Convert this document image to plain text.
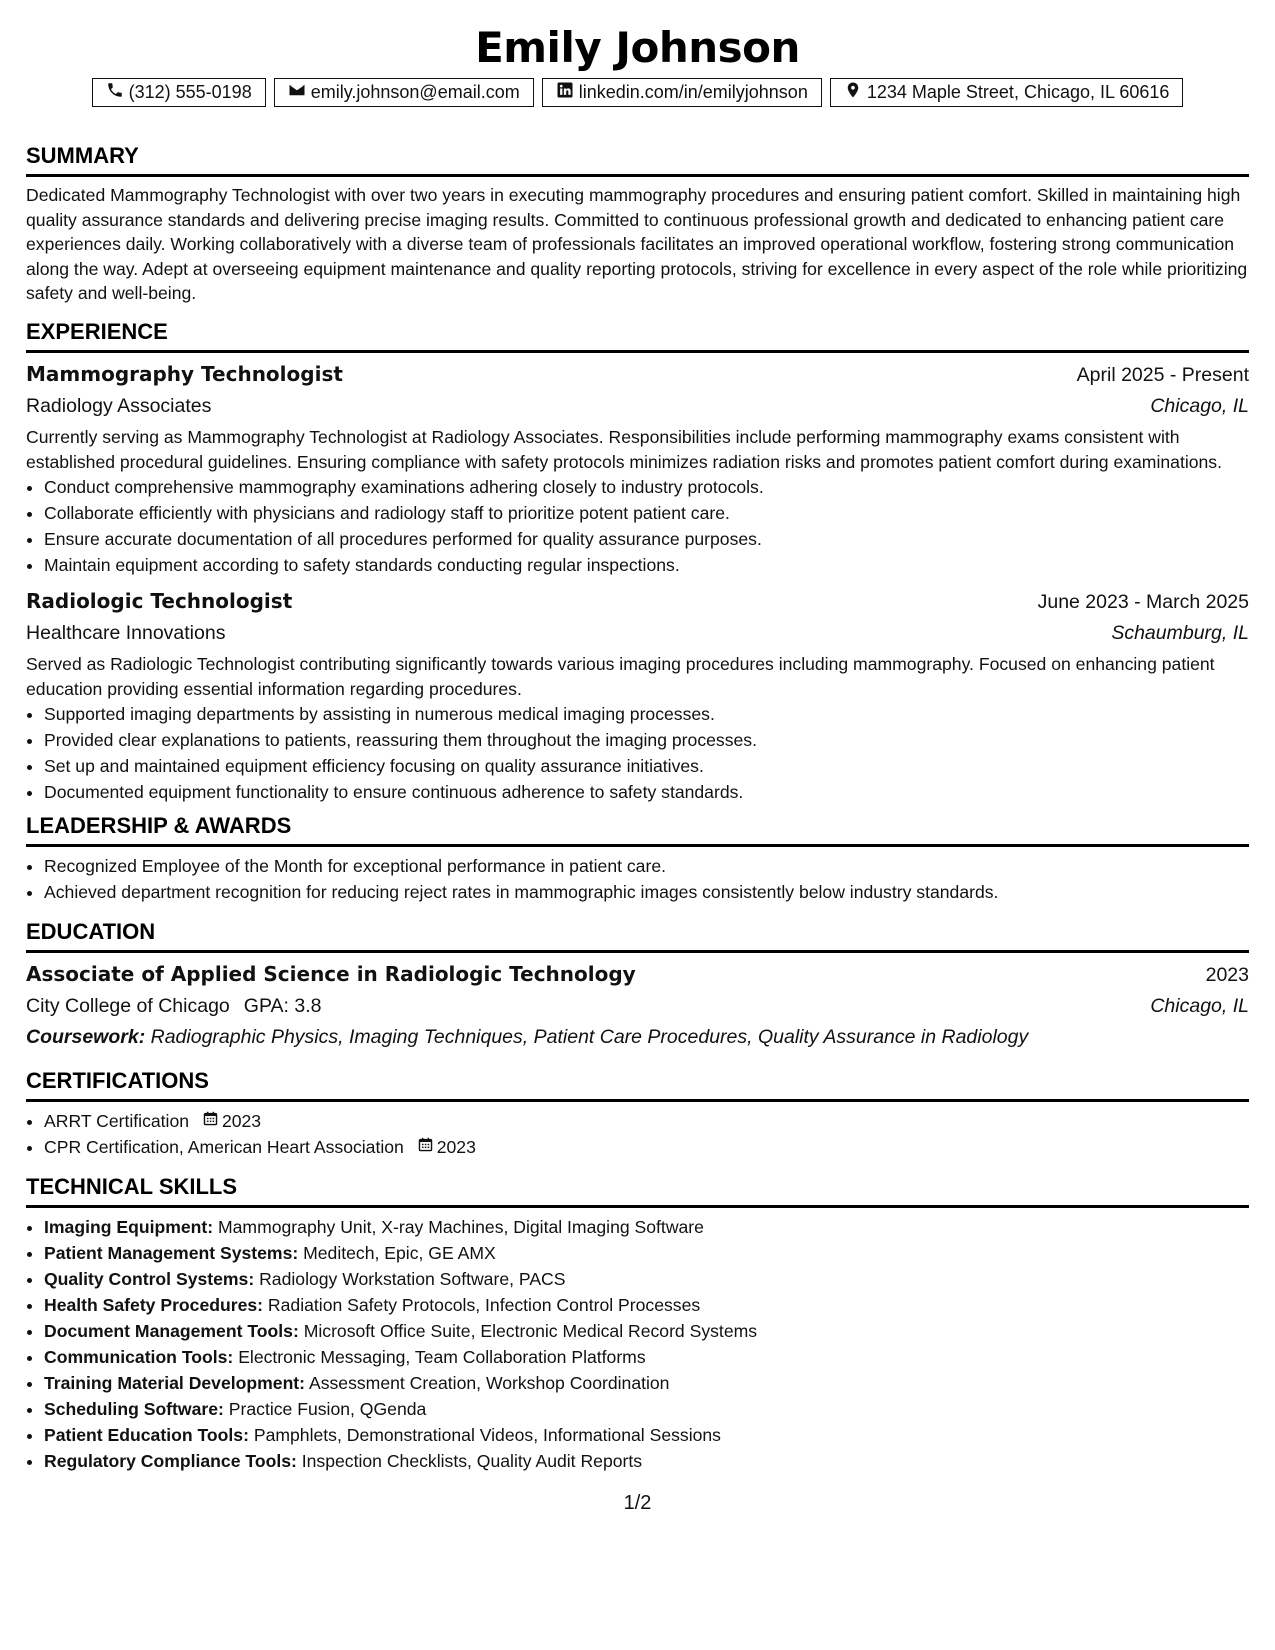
Emily Johnson
(312) 555-0198	emily.johnson@email.com	linkedin.com/in/emilyjohnson	1234 Maple Street, Chicago, IL 60616
SUMMARY

Dedicated Mammography Technologist with over two years in executing mammography procedures and ensuring patient comfort. Skilled in maintaining high quality assurance standards and delivering precise imaging results. Committed to continuous professional growth and dedicated to enhancing patient care experiences daily. Working collaboratively with a diverse team of professionals facilitates an improved operational workflow, fostering strong communication along the way. Adept at overseeing equipment maintenance and quality reporting protocols, striving for excellence in every aspect of the role while prioritizing safety and well-being.

EXPERIENCE
Mammography Technologist	April 2025 - Present
Radiology Associates	Chicago, IL

Currently serving as Mammography Technologist at Radiology Associates. Responsibilities include performing mammography exams consistent with established procedural guidelines. Ensuring compliance with safety protocols minimizes radiation risks and promotes patient comfort during examinations.

• Conduct comprehensive mammography examinations adhering closely to industry protocols.
• Collaborate efficiently with physicians and radiology staff to prioritize potent patient care.
• Ensure accurate documentation of all procedures performed for quality assurance purposes.
• Maintain equipment according to safety standards conducting regular inspections.
Radiologic Technologist	June 2023 - March 2025
Healthcare Innovations	Schaumburg, IL

Served as Radiologic Technologist contributing significantly towards various imaging procedures including mammography. Focused on enhancing patient education providing essential information regarding procedures.

• Supported imaging departments by assisting in numerous medical imaging processes.
• Provided clear explanations to patients, reassuring them throughout the imaging processes.
• Set up and maintained equipment efficiency focusing on quality assurance initiatives.
• Documented equipment functionality to ensure continuous adherence to safety standards.
LEADERSHIP & AWARDS
• Recognized Employee of the Month for exceptional performance in patient care.
• Achieved department recognition for reducing reject rates in mammographic images consistently below industry standards.
EDUCATION
Associate of Applied Science in Radiologic Technology	2023
City College of Chicago GPA: 3.8	Chicago, IL
Coursework: Radiographic Physics, Imaging Techniques, Patient Care Procedures, Quality Assurance in Radiology
CERTIFICATIONS
• ARRT Certification 2023
• CPR Certification, American Heart Association 2023
TECHNICAL SKILLS
• Imaging Equipment: Mammography Unit, X-ray Machines, Digital Imaging Software
• Patient Management Systems: Meditech, Epic, GE AMX
• Quality Control Systems: Radiology Workstation Software, PACS
• Health Safety Procedures: Radiation Safety Protocols, Infection Control Processes
• Document Management Tools: Microsoft Office Suite, Electronic Medical Record Systems
• Communication Tools: Electronic Messaging, Team Collaboration Platforms
• Training Material Development: Assessment Creation, Workshop Coordination
• Scheduling Software: Practice Fusion, QGenda
• Patient Education Tools: Pamphlets, Demonstrational Videos, Informational Sessions
• Regulatory Compliance Tools: Inspection Checklists, Quality Audit Reports
1/2
